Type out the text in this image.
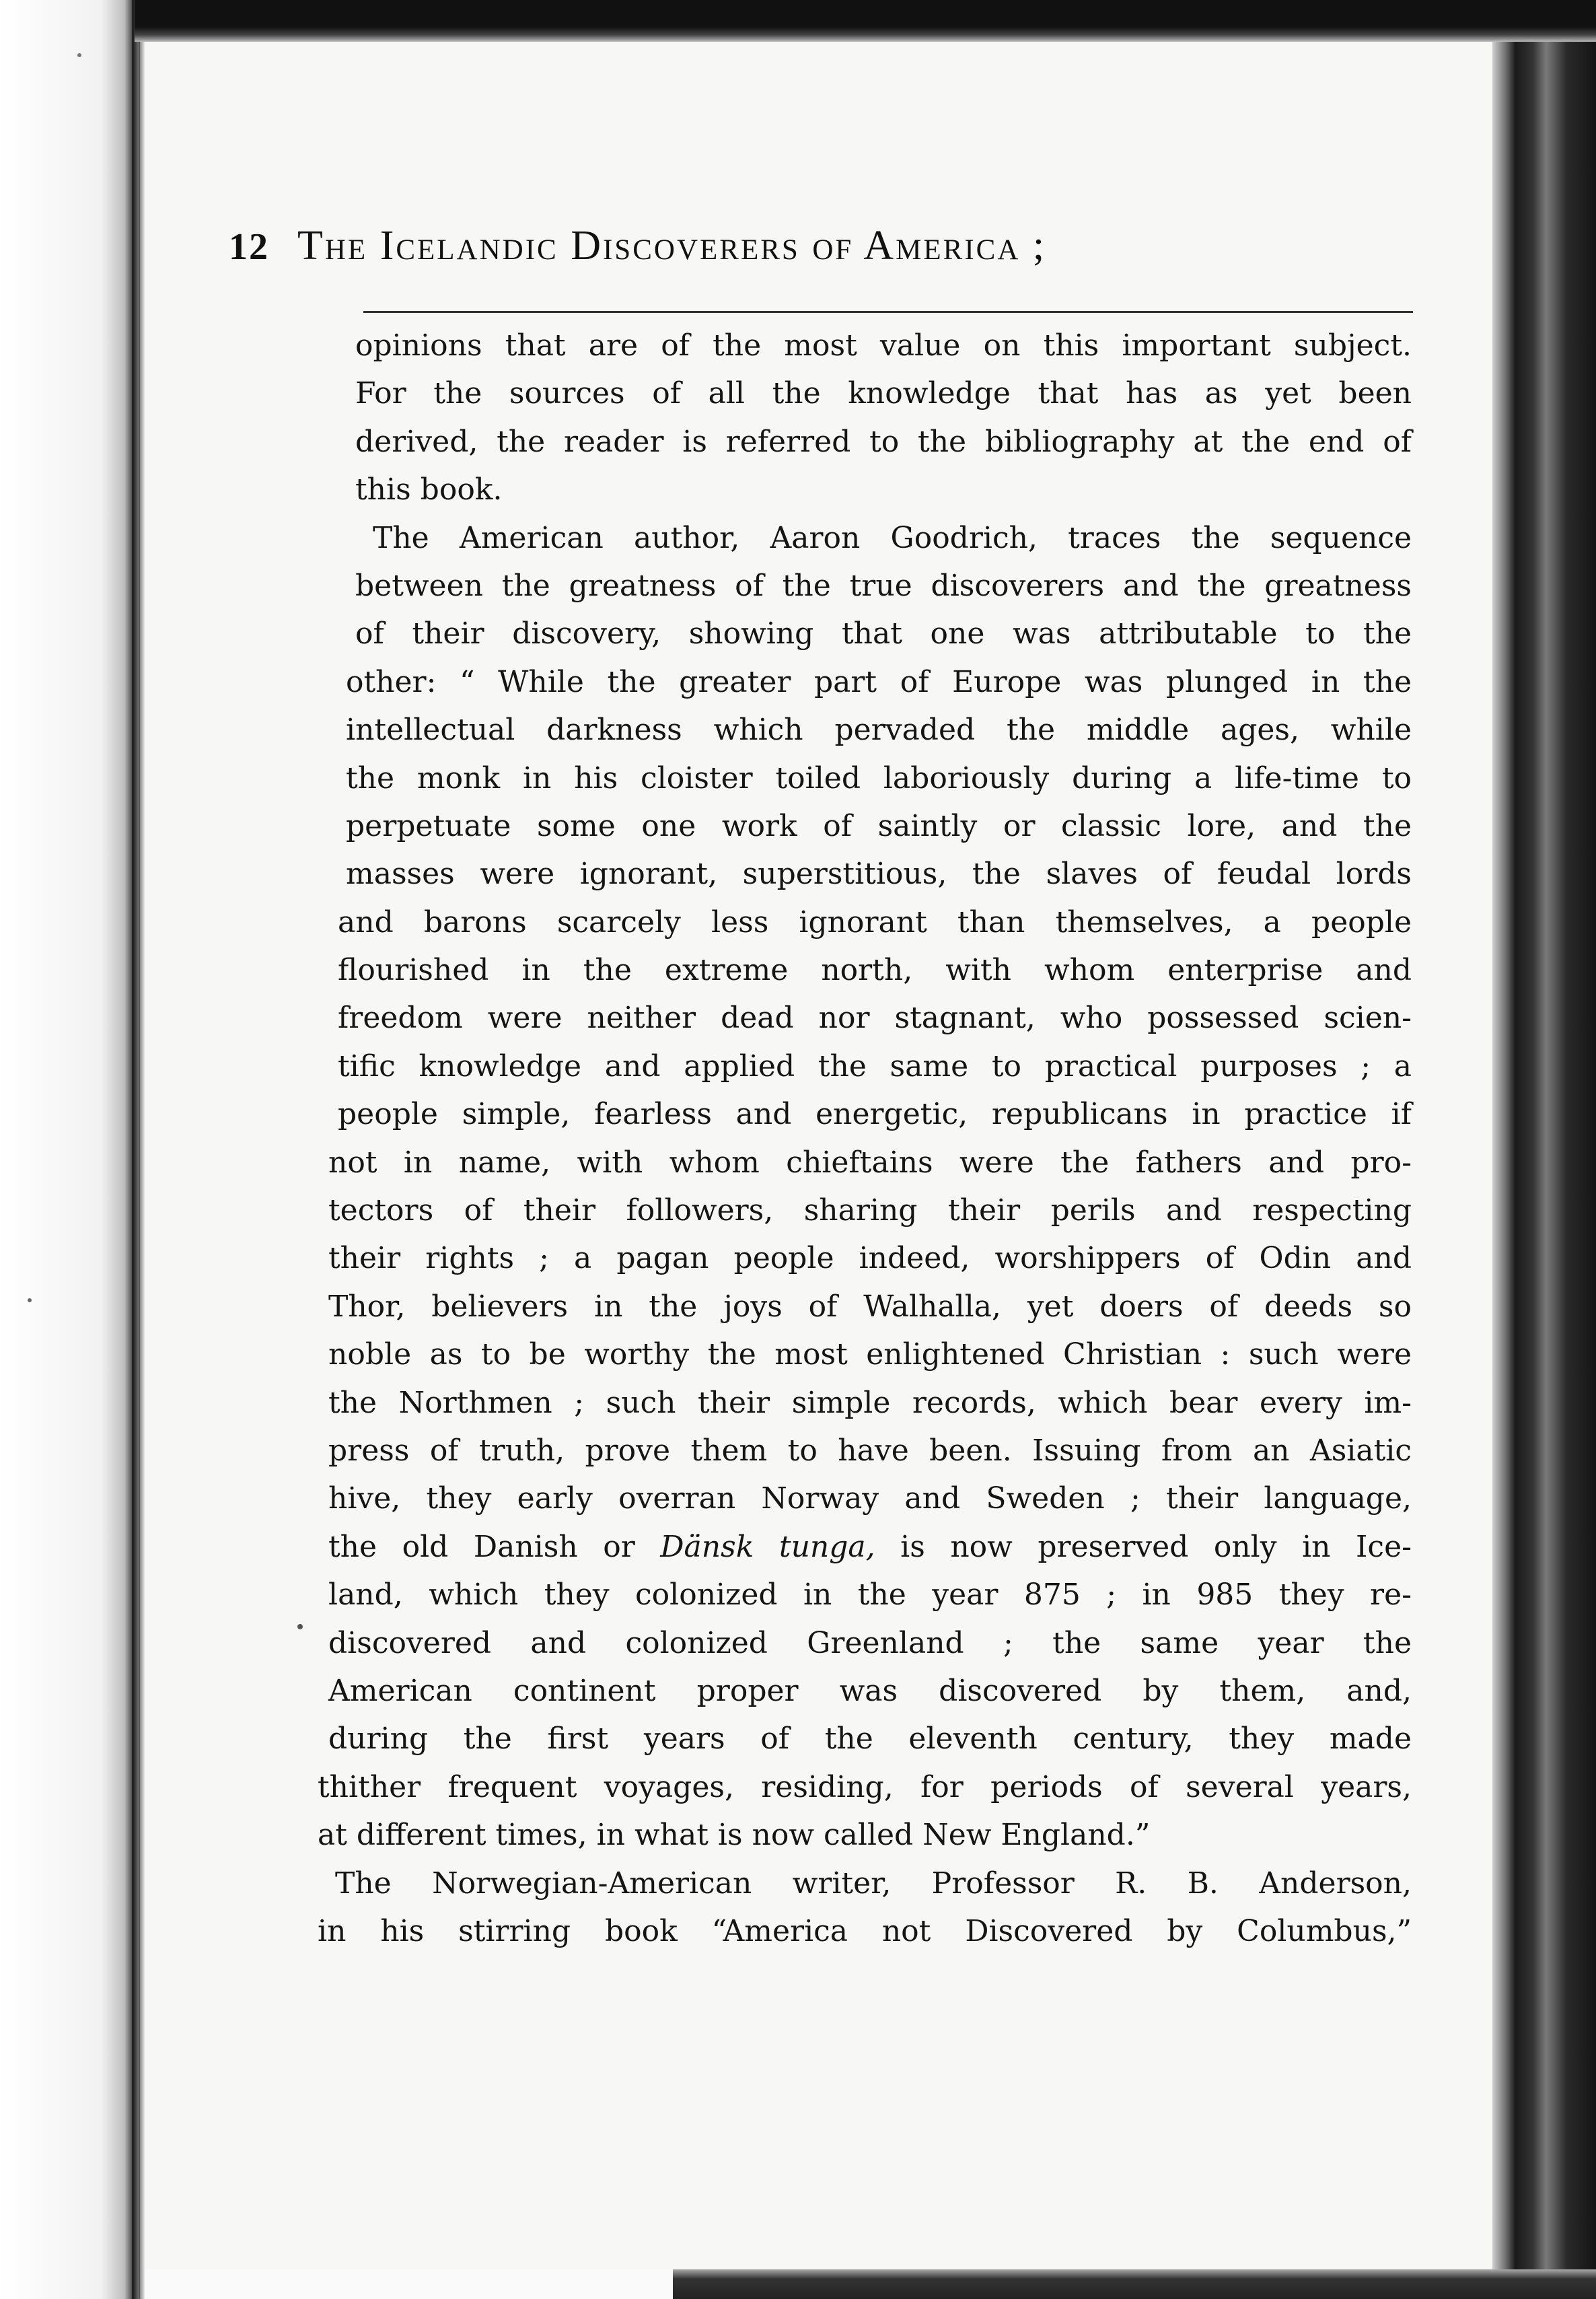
12 The Icelandic Discoverers of America ;
opinions that are of the most value on this important subject.
For the sources of all the knowledge that has as yet been
derived, the reader is referred to the bibliography at the end of
this book.
The American author, Aaron Goodrich, traces the sequence
between the greatness of the true discoverers and the greatness
of their discovery, showing that one was attributable to the
other: “ While the greater part of Europe was plunged in the
intellectual darkness which pervaded the middle ages, while
the monk in his cloister toiled laboriously during a life-time to
perpetuate some one work of saintly or classic lore, and the
masses were ignorant, superstitious, the slaves of feudal lords
and barons scarcely less ignorant than themselves, a people
flourished in the extreme north, with whom enterprise and
freedom were neither dead nor stagnant, who possessed scien-
tific knowledge and applied the same to practical purposes ; a
people simple, fearless and energetic, republicans in practice if
not in name, with whom chieftains were the fathers and pro-
tectors of their followers, sharing their perils and respecting
their rights ; a pagan people indeed, worshippers of Odin and
Thor, believers in the joys of Walhalla, yet doers of deeds so
noble as to be worthy the most enlightened Christian : such were
the Northmen ; such their simple records, which bear every im-
press of truth, prove them to have been. Issuing from an Asiatic
hive, they early overran Norway and Sweden ; their language,
the old Danish or Dänsk tunga, is now preserved only in Ice-
land, which they colonized in the year 875 ; in 985 they re-
discovered and colonized Greenland ; the same year the
American continent proper was discovered by them, and,
during the first years of the eleventh century, they made
thither frequent voyages, residing, for periods of several years,
at different times, in what is now called New England.”
The Norwegian-American writer, Professor R. B. Anderson,
in his stirring book “America not Discovered by Columbus,”
